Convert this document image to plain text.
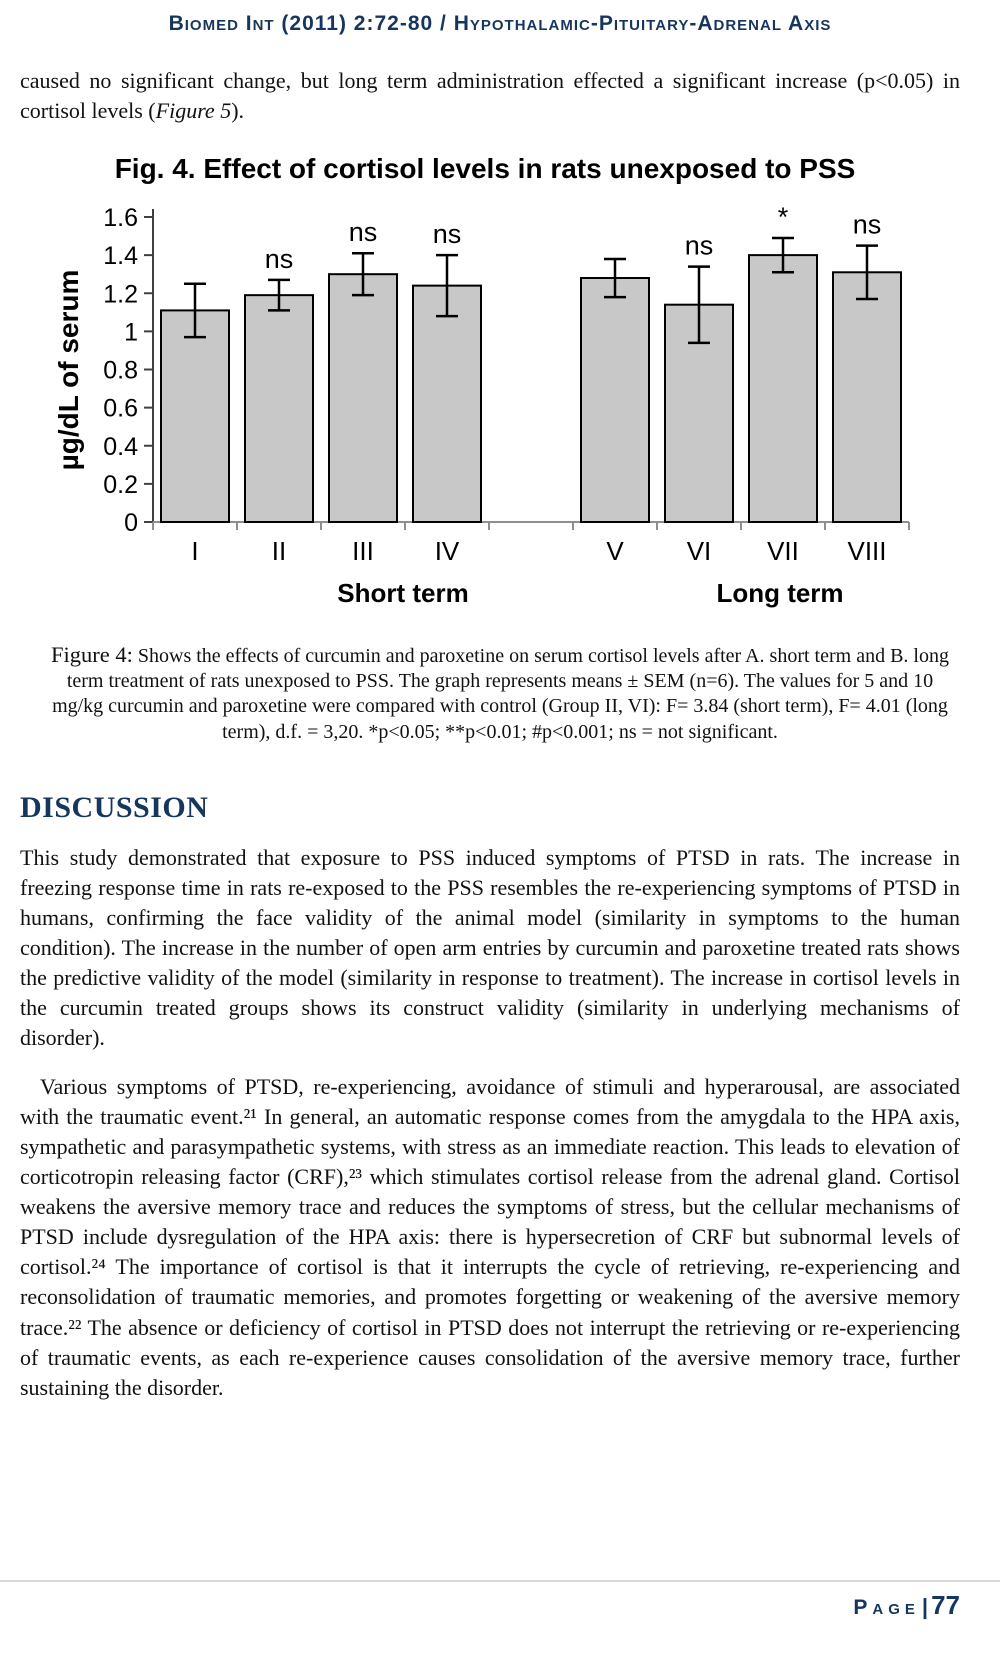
Biomed Int (2011) 2:72-80 / Hypothalamic-Pituitary-Adrenal Axis

caused no significant change, but long term administration effected a significant increase (p<0.05) in cortisol levels (Figure 5).

Fig. 4. Effect of cortisol levels in rats unexposed to PSS
0
0.2
0.4
0.6
0.8
1
1.2
1.4
1.6
I
ns
II
ns
III
ns
IV	V
ns
VI
*
VII
ns
VIII
Short term	Long term
µg/dL of serum

Figure 4: Shows the effects of curcumin and paroxetine on serum cortisol levels after A. short term and B. long term treatment of rats unexposed to PSS. The graph represents means ± SEM (n=6). The values for 5 and 10 mg/kg curcumin and paroxetine were compared with control (Group II, VI): F= 3.84 (short term), F= 4.01 (long term), d.f. = 3,20. *p<0.05; **p<0.01; #p<0.001; ns = not significant.

DISCUSSION

This study demonstrated that exposure to PSS induced symptoms of PTSD in rats. The increase in freezing response time in rats re-exposed to the PSS resembles the re-experiencing symptoms of PTSD in humans, confirming the face validity of the animal model (similarity in symptoms to the human condition). The increase in the number of open arm entries by curcumin and paroxetine treated rats shows the predictive validity of the model (similarity in response to treatment). The increase in cortisol levels in the curcumin treated groups shows its construct validity (similarity in underlying mechanisms of disorder).

Various symptoms of PTSD, re-experiencing, avoidance of stimuli and hyperarousal, are associated with the traumatic event.²¹ In general, an automatic response comes from the amygdala to the HPA axis, sympathetic and parasympathetic systems, with stress as an immediate reaction. This leads to elevation of corticotropin releasing factor (CRF),²³ which stimulates cortisol release from the adrenal gland. Cortisol weakens the aversive memory trace and reduces the symptoms of stress, but the cellular mechanisms of PTSD include dysregulation of the HPA axis: there is hypersecretion of CRF but subnormal levels of cortisol.²⁴ The importance of cortisol is that it interrupts the cycle of retrieving, re-experiencing and reconsolidation of traumatic memories, and promotes forgetting or weakening of the aversive memory trace.²² The absence or deficiency of cortisol in PTSD does not interrupt the retrieving or re-experiencing of traumatic events, as each re-experience causes consolidation of the aversive memory trace, further sustaining the disorder.

Page| 77
